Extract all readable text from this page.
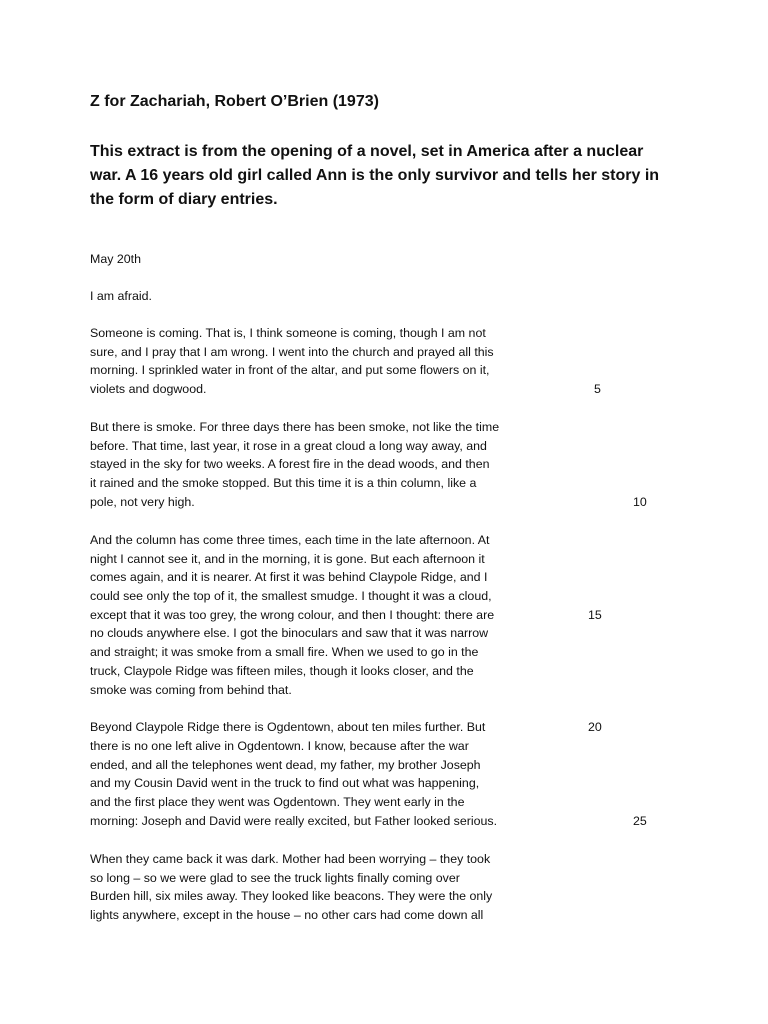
Z for Zachariah, Robert O’Brien (1973)

This extract is from the opening of a novel, set in America after a nuclear war. A 16 years old girl called Ann is the only survivor and tells her story in the form of diary entries.

May 20th

I am afraid.

Someone is coming. That is, I think someone is coming, though I am not

sure, and I pray that I am wrong. I went into the church and prayed all this

morning. I sprinkled water in front of the altar, and put some flowers on it,

violets and dogwood.

But there is smoke. For three days there has been smoke, not like the time

before. That time, last year, it rose in a great cloud a long way away, and

stayed in the sky for two weeks. A forest fire in the dead woods, and then

it rained and the smoke stopped. But this time it is a thin column, like a

pole, not very high.

And the column has come three times, each time in the late afternoon. At

night I cannot see it, and in the morning, it is gone. But each afternoon it

comes again, and it is nearer. At first it was behind Claypole Ridge, and I

could see only the top of it, the smallest smudge. I thought it was a cloud,

except that it was too grey, the wrong colour, and then I thought: there are

no clouds anywhere else. I got the binoculars and saw that it was narrow

and straight; it was smoke from a small fire. When we used to go in the

truck, Claypole Ridge was fifteen miles, though it looks closer, and the

smoke was coming from behind that.

Beyond Claypole Ridge there is Ogdentown, about ten miles further. But

there is no one left alive in Ogdentown. I know, because after the war

ended, and all the telephones went dead, my father, my brother Joseph

and my Cousin David went in the truck to find out what was happening,

and the first place they went was Ogdentown. They went early in the

morning: Joseph and David were really excited, but Father looked serious.

When they came back it was dark. Mother had been worrying – they took

so long – so we were glad to see the truck lights finally coming over

Burden hill, six miles away. They looked like beacons. They were the only

lights anywhere, except in the house – no other cars had come down all

5

10

15

20

25
